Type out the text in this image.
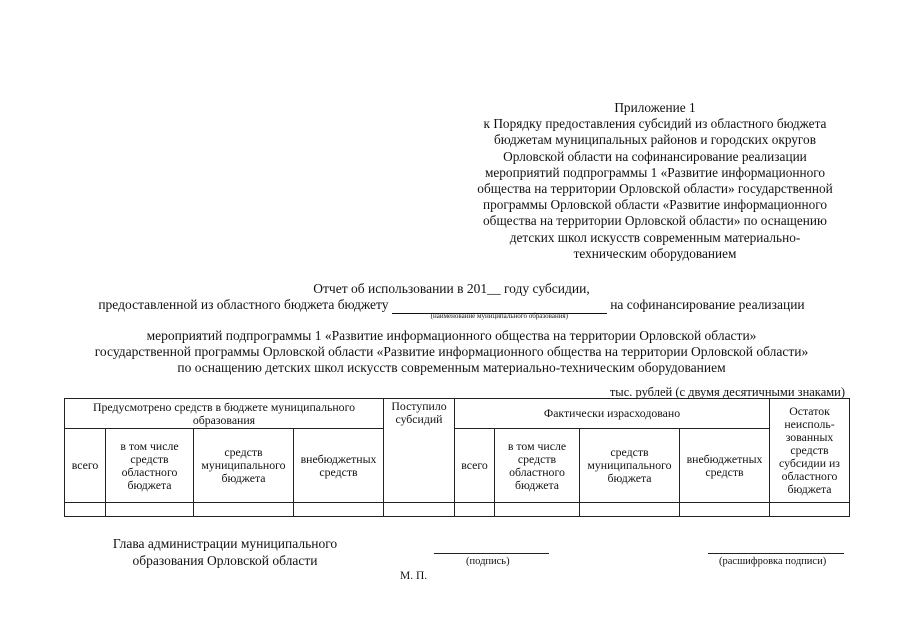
Приложение 1
к Порядку предоставления субсидий из областного бюджета
бюджетам муниципальных районов и городских округов
Орловской области на софинансирование реализации
мероприятий подпрограммы 1 «Развитие информационного
общества на территории Орловской области» государственной
программы Орловской области «Развитие информационного
общества на территории Орловской области» по оснащению
детских школ искусств современным материально-
техническим оборудованием
Отчет об использовании в 201__ году субсидии,
предоставленной из областного бюджета бюджету
(наименование муниципального образования)
на софинансирование реализации
мероприятий подпрограммы 1 «Развитие информационного общества на территории Орловской области»
государственной программы Орловской области «Развитие информационного общества на территории Орловской области»
по оснащению детских школ искусств современным материально-техническим оборудованием
тыс. рублей (с двумя десятичными знаками)
Предусмотрено средств в бюджете муниципального образования				Поступило субсидий	Фактически израсходовано				Остаток неисполь-зованных средств субсидии из областного бюджета
всего	в том числе средств областного бюджета	средств муниципального бюджета	внебюджетных средств		всего	в том числе средств областного бюджета	средств муниципального бюджета	внебюджетных средств	

Глава администрации муниципального
образования Орловской области	(подпись)	(расшифровка подписи)
М. П.
